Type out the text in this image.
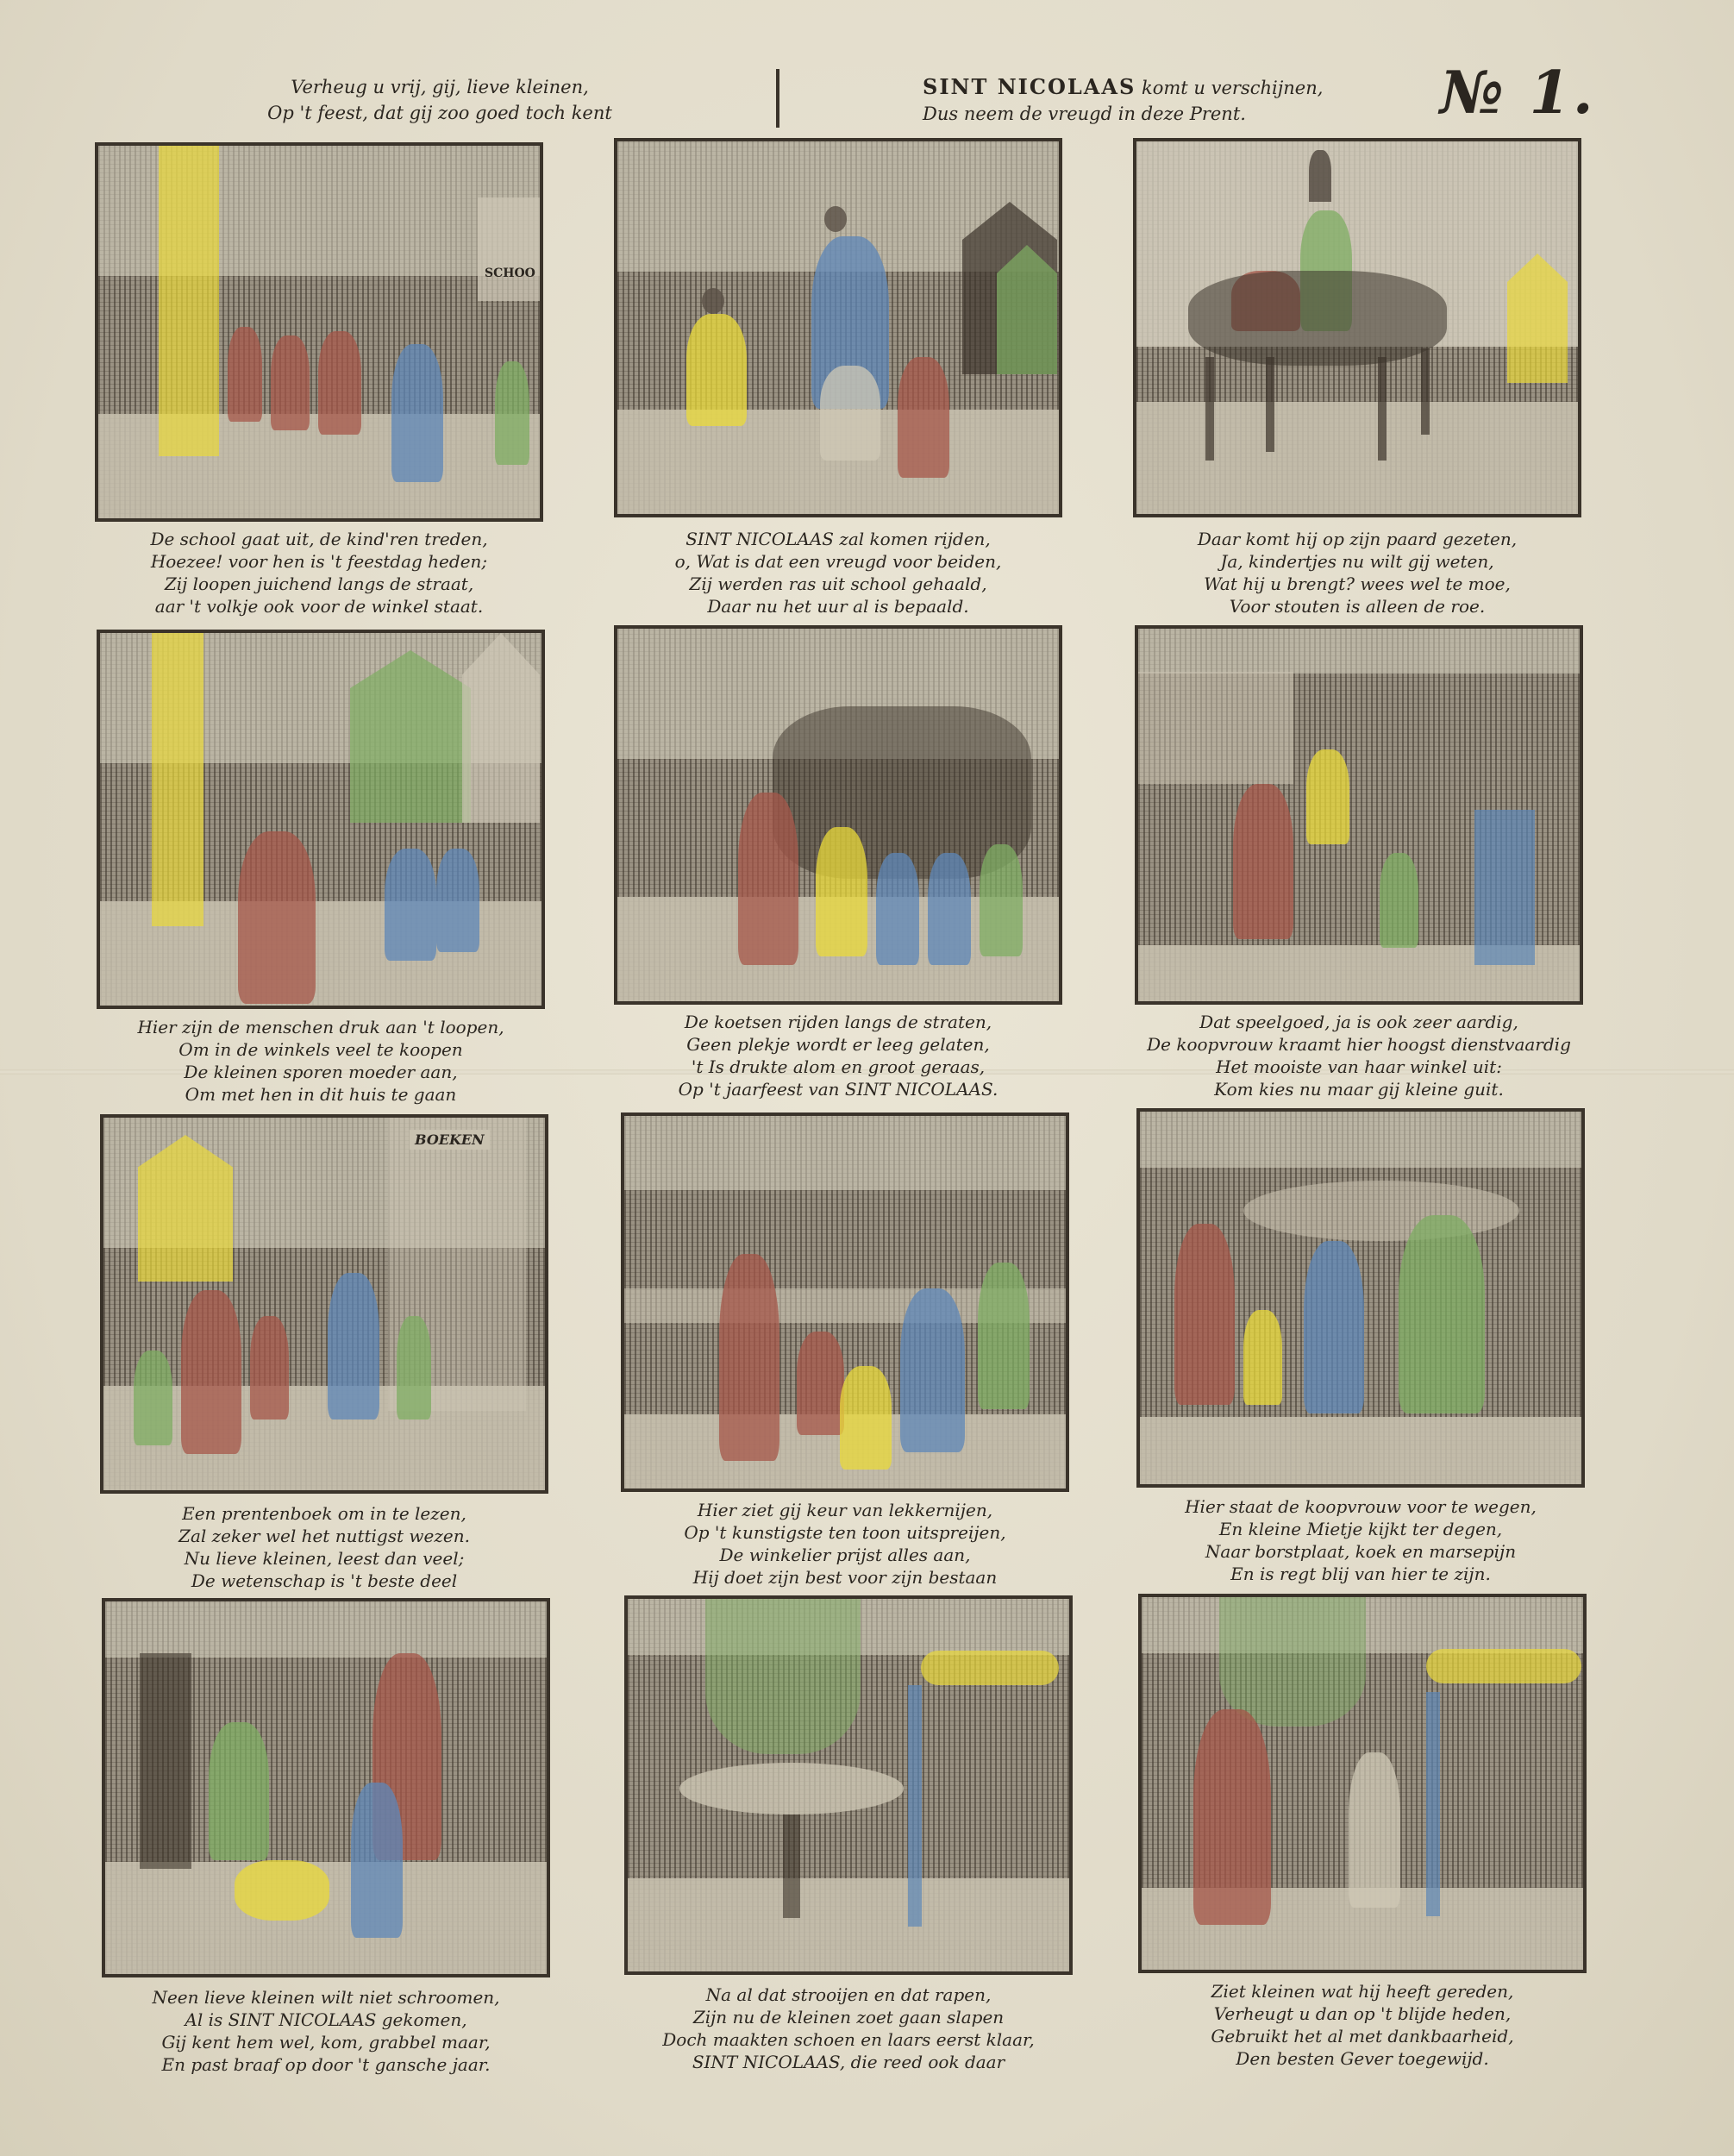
Verheug u vrij, gij, lieve kleinen,
Op 't feest, dat gij zoo goed toch kent
SINT NICOLAAS komt u verschijnen,
Dus neem de vreugd in deze Prent.	№ 1.
SCHOO
De school gaat uit, de kind'ren treden,
Hoezee! voor hen is 't feestdag heden;
Zij loopen juichend langs de straat,
aar 't volkje ook voor de winkel staat.
SINT NICOLAAS zal komen rijden,
o, Wat is dat een vreugd voor beiden,
Zij werden ras uit school gehaald,
Daar nu het uur al is bepaald.
Daar komt hij op zijn paard gezeten,
Ja, kindertjes nu wilt gij weten,
Wat hij u brengt? wees wel te moe,
Voor stouten is alleen de roe.
Hier zijn de menschen druk aan 't loopen,
Om in de winkels veel te koopen
De kleinen sporen moeder aan,
Om met hen in dit huis te gaan
De koetsen rijden langs de straten,
Geen plekje wordt er leeg gelaten,
't Is drukte alom en groot geraas,
Op 't jaarfeest van SINT NICOLAAS.
Dat speelgoed, ja is ook zeer aardig,
De koopvrouw kraamt hier hoogst dienstvaardig
Het mooiste van haar winkel uit:
Kom kies nu maar gij kleine guit.
BOEKEN
Een prentenboek om in te lezen,
Zal zeker wel het nuttigst wezen.
Nu lieve kleinen, leest dan veel;
De wetenschap is 't beste deel
Hier ziet gij keur van lekkernijen,
Op 't kunstigste ten toon uitspreijen,
De winkelier prijst alles aan,
Hij doet zijn best voor zijn bestaan
Hier staat de koopvrouw voor te wegen,
En kleine Mietje kijkt ter degen,
Naar borstplaat, koek en marsepijn
En is regt blij van hier te zijn.
Neen lieve kleinen wilt niet schroomen,
Al is SINT NICOLAAS gekomen,
Gij kent hem wel, kom, grabbel maar,
En past braaf op door 't gansche jaar.
Na al dat strooijen en dat rapen,
Zijn nu de kleinen zoet gaan slapen
Doch maakten schoen en laars eerst klaar,
SINT NICOLAAS, die reed ook daar
Ziet kleinen wat hij heeft gereden,
Verheugt u dan op 't blijde heden,
Gebruikt het al met dankbaarheid,
Den besten Gever toegewijd.
